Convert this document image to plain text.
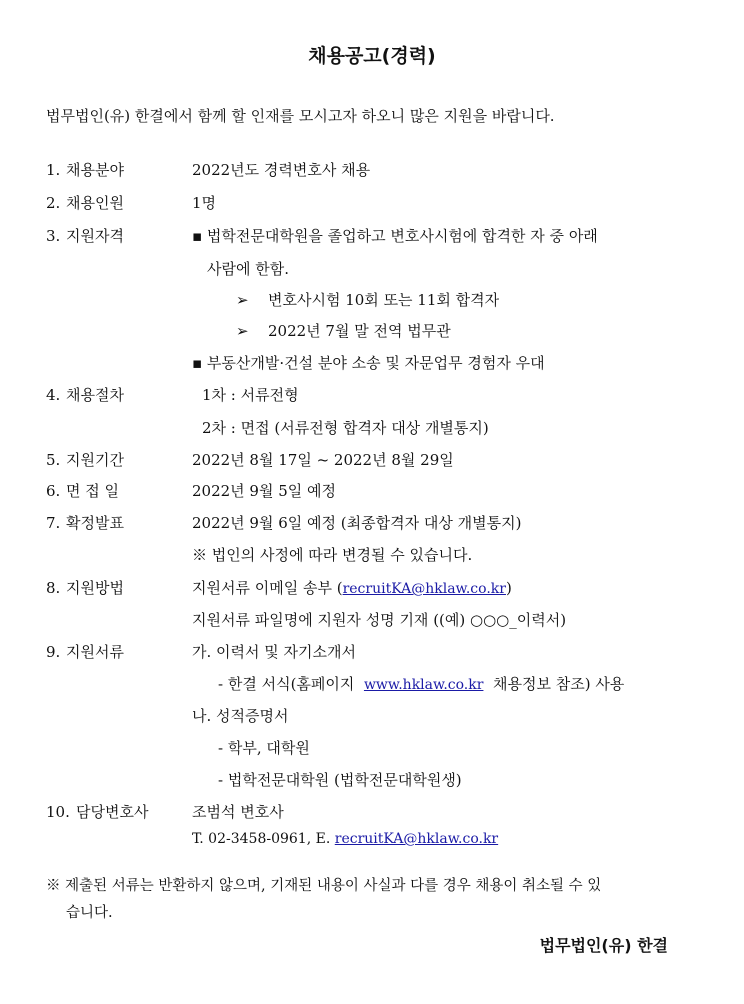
채용공고(경력)
법무법인(유) 한결에서 함께 할 인재를 모시고자 하오니 많은 지원을 바랍니다.
1. 채용분야	2022년도 경력변호사 채용
2. 채용인원	1명
3. 지원자격	▪ 법학전문대학원을 졸업하고 변호사시험에 합격한 자 중 아래
사람에 한함.
➢ 변호사시험 10회 또는 11회 합격자
➢ 2022년 7월 말 전역 법무관
▪ 부동산개발·건설 분야 소송 및 자문업무 경험자 우대
4. 채용절차	1차 : 서류전형
2차 : 면접 (서류전형 합격자 대상 개별통지)
5. 지원기간	2022년 8월 17일 ~ 2022년 8월 29일
6. 면 접 일	2022년 9월 5일 예정
7. 확정발표	2022년 9월 6일 예정 (최종합격자 대상 개별통지)
※ 법인의 사정에 따라 변경될 수 있습니다.
8. 지원방법	지원서류 이메일 송부 (recruitKA@hklaw.co.kr)
지원서류 파일명에 지원자 성명 기재 ((예) ○○○_이력서)
9. 지원서류	가. 이력서 및 자기소개서
- 한결 서식(홈페이지 www.hklaw.co.kr 채용정보 참조) 사용
나. 성적증명서
- 학부, 대학원
- 법학전문대학원 (법학전문대학원생)
10. 담당변호사	조범석 변호사
T. 02-3458-0961, E. recruitKA@hklaw.co.kr
※ 제출된 서류는 반환하지 않으며, 기재된 내용이 사실과 다를 경우 채용이 취소될 수 있
습니다.
법무법인(유) 한결
